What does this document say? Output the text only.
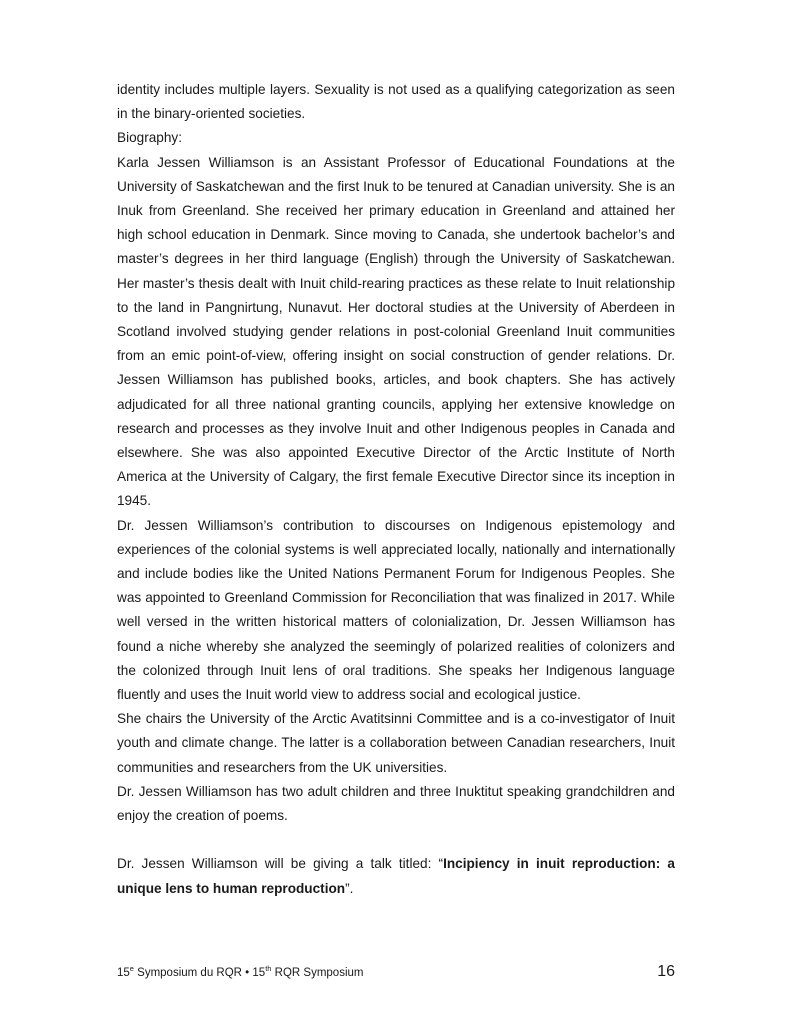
identity includes multiple layers. Sexuality is not used as a qualifying categorization as seen in the binary-oriented societies.

Biography:

Karla Jessen Williamson is an Assistant Professor of Educational Foundations at the University of Saskatchewan and the first Inuk to be tenured at Canadian university. She is an Inuk from Greenland. She received her primary education in Greenland and attained her high school education in Denmark. Since moving to Canada, she undertook bachelor’s and master’s degrees in her third language (English) through the University of Saskatchewan. Her master’s thesis dealt with Inuit child-rearing practices as these relate to Inuit relationship to the land in Pangnirtung, Nunavut. Her doctoral studies at the University of Aberdeen in Scotland involved studying gender relations in post-colonial Greenland Inuit communities from an emic point-of-view, offering insight on social construction of gender relations. Dr. Jessen Williamson has published books, articles, and book chapters. She has actively adjudicated for all three national granting councils, applying her extensive knowledge on research and processes as they involve Inuit and other Indigenous peoples in Canada and elsewhere. She was also appointed Executive Director of the Arctic Institute of North America at the University of Calgary, the first female Executive Director since its inception in 1945.

Dr. Jessen Williamson’s contribution to discourses on Indigenous epistemology and experiences of the colonial systems is well appreciated locally, nationally and internationally and include bodies like the United Nations Permanent Forum for Indigenous Peoples. She was appointed to Greenland Commission for Reconciliation that was finalized in 2017. While well versed in the written historical matters of colonialization, Dr. Jessen Williamson has found a niche whereby she analyzed the seemingly of polarized realities of colonizers and the colonized through Inuit lens of oral traditions. She speaks her Indigenous language fluently and uses the Inuit world view to address social and ecological justice.

She chairs the University of the Arctic Avatitsinni Committee and is a co-investigator of Inuit youth and climate change. The latter is a collaboration between Canadian researchers, Inuit communities and researchers from the UK universities.

Dr. Jessen Williamson has two adult children and three Inuktitut speaking grandchildren and enjoy the creation of poems.

Dr. Jessen Williamson will be giving a talk titled: “Incipiency in inuit reproduction: a unique lens to human reproduction”.

15e Symposium du RQR • 15th RQR Symposium	16
